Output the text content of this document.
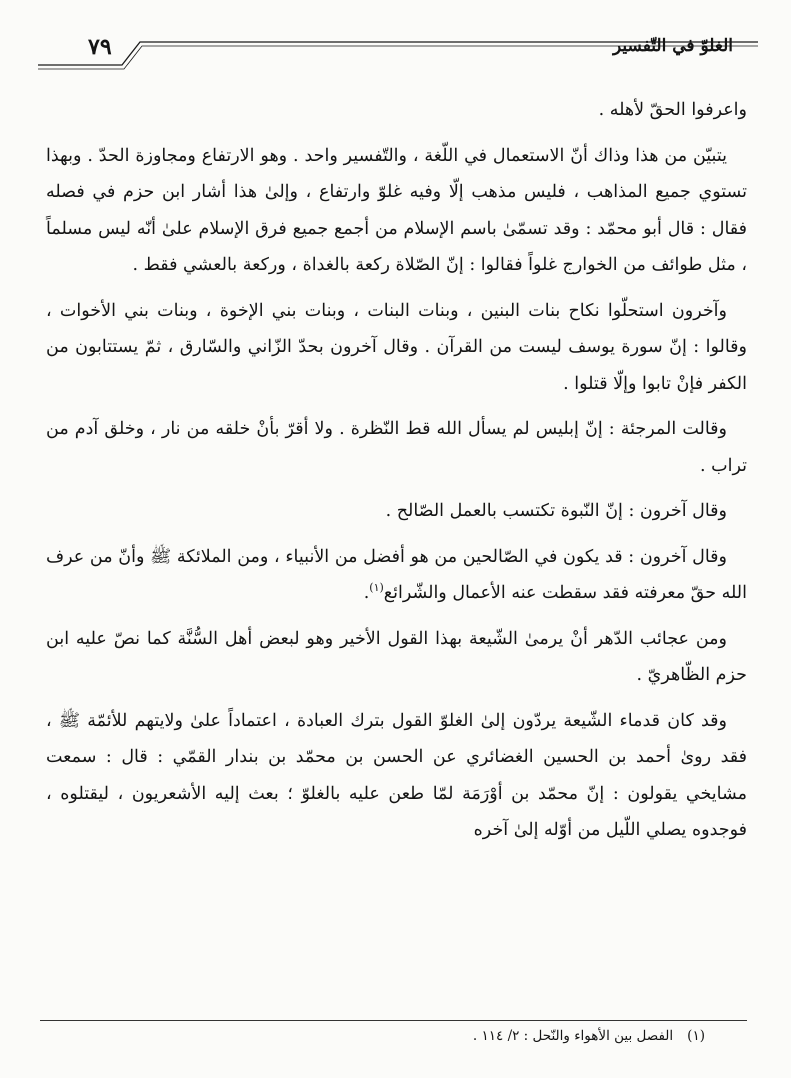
الغلوّ في التّفسير
٧٩

واعرفوا الحقّ لأهله .

يتبيّن من هذا وذاك أنّ الاستعمال في اللّغة ، والتّفسير واحد . وهو الارتفاع ومجاوزة الحدّ . وبهذا تستوي جميع المذاهب ، فليس مذهب إلّا وفيه غلوّ وارتفاع ، وإلىٰ هذا أشار ابن حزم في فصله فقال : قال أبو محمّد : وقد تسمّىٰ باسم الإسلام من أجمع جميع فرق الإسلام علىٰ أنّه ليس مسلماً ، مثل طوائف من الخوارج غلواً فقالوا : إنّ الصّلاة ركعة بالغداة ، وركعة بالعشي فقط .

وآخرون استحلّوا نكاح بنات البنين ، وبنات البنات ، وبنات بني الإخوة ، وبنات بني الأخوات ، وقالوا : إنّ سورة يوسف ليست من القرآن . وقال آخرون بحدّ الزّاني والسّارق ، ثمّ يستتابون من الكفر فإنْ تابوا وإلّا قتلوا .

وقالت المرجئة : إنّ إبليس لم يسأل الله قط النّظرة . ولا أقرّ بأنْ خلقه من نار ، وخلق آدم من تراب .

وقال آخرون : إنّ النّبوة تكتسب بالعمل الصّالح .

وقال آخرون : قد يكون في الصّالحين من هو أفضل من الأنبياء ، ومن الملائكة ﷺ وأنّ من عرف الله حقّ معرفته فقد سقطت عنه الأعمال والشّرائع$^{(١)}$.

ومن عجائب الدّهر أنْ يرمىٰ الشّيعة بهذا القول الأخير وهو لبعض أهل السُّنَّة كما نصّ عليه ابن حزم الظّاهريّ .

وقد كان قدماء الشّيعة يردّون إلىٰ الغلوّ القول بترك العبادة ، اعتماداً علىٰ ولايتهم للأئمّة ﷺ ، فقد روىٰ أحمد بن الحسين الغضائري عن الحسن بن محمّد بن بندار القمّي : قال : سمعت مشايخي يقولون : إنّ محمّد بن أوْرَمَة لمّا طعن عليه بالغلوّ ؛ بعث إليه الأشعريون ، ليقتلوه ، فوجدوه يصلي اللّيل من أوّله إلىٰ آخره

(١)الفصل بين الأهواء والنّحل : ٢/ ١١٤ .
